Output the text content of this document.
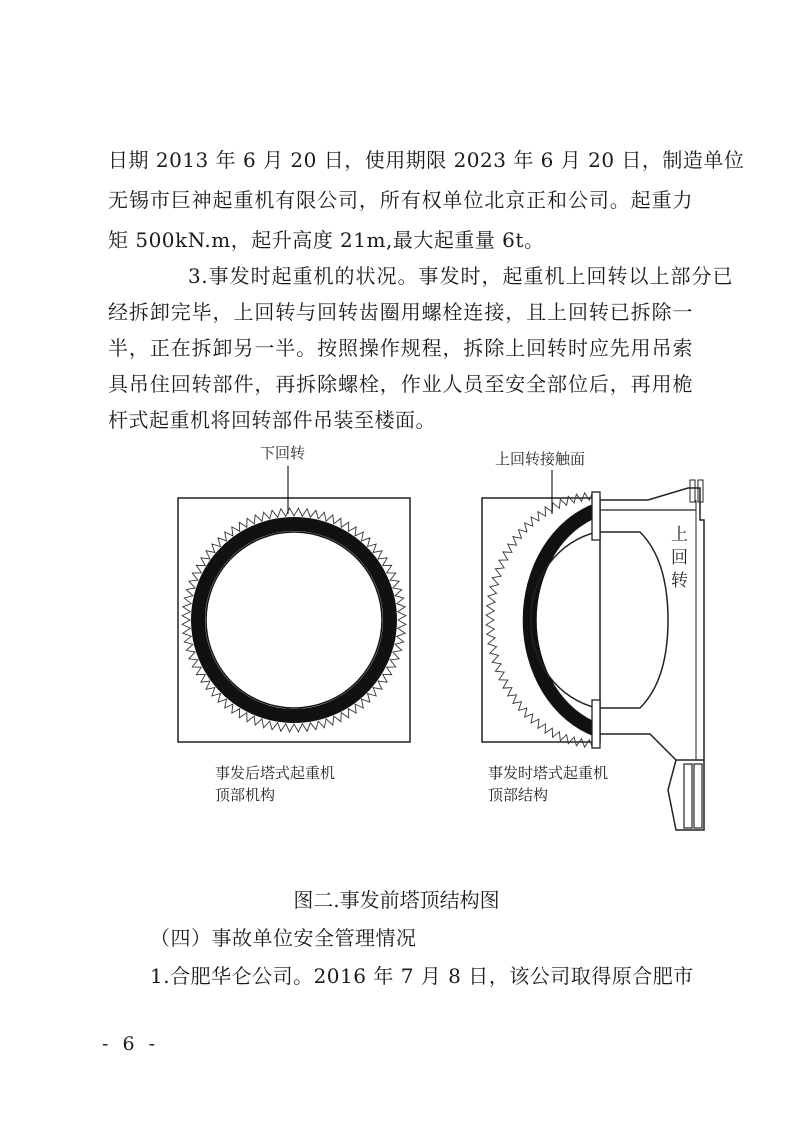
日期 2013 年 6 月 20 日，使用期限 2023 年 6 月 20 日，制造单位
无锡市巨神起重机有限公司，所有权单位北京正和公司。起重力
矩 500kN.m，起升高度 21m,最大起重量 6t。
3.事发时起重机的状况。事发时，起重机上回转以上部分已
经拆卸完毕，上回转与回转齿圈用螺栓连接，且上回转已拆除一
半，正在拆卸另一半。按照操作规程，拆除上回转时应先用吊索
具吊住回转部件，再拆除螺栓，作业人员至安全部位后，再用桅
杆式起重机将回转部件吊装至楼面。
下回转	上回转接触面
上
回
转
事发后塔式起重机
顶部机构
事发时塔式起重机
顶部结构
图二.事发前塔顶结构图
（四）事故单位安全管理情况
1.合肥华仑公司。2016 年 7 月 8 日，该公司取得原合肥市
- 6 -
